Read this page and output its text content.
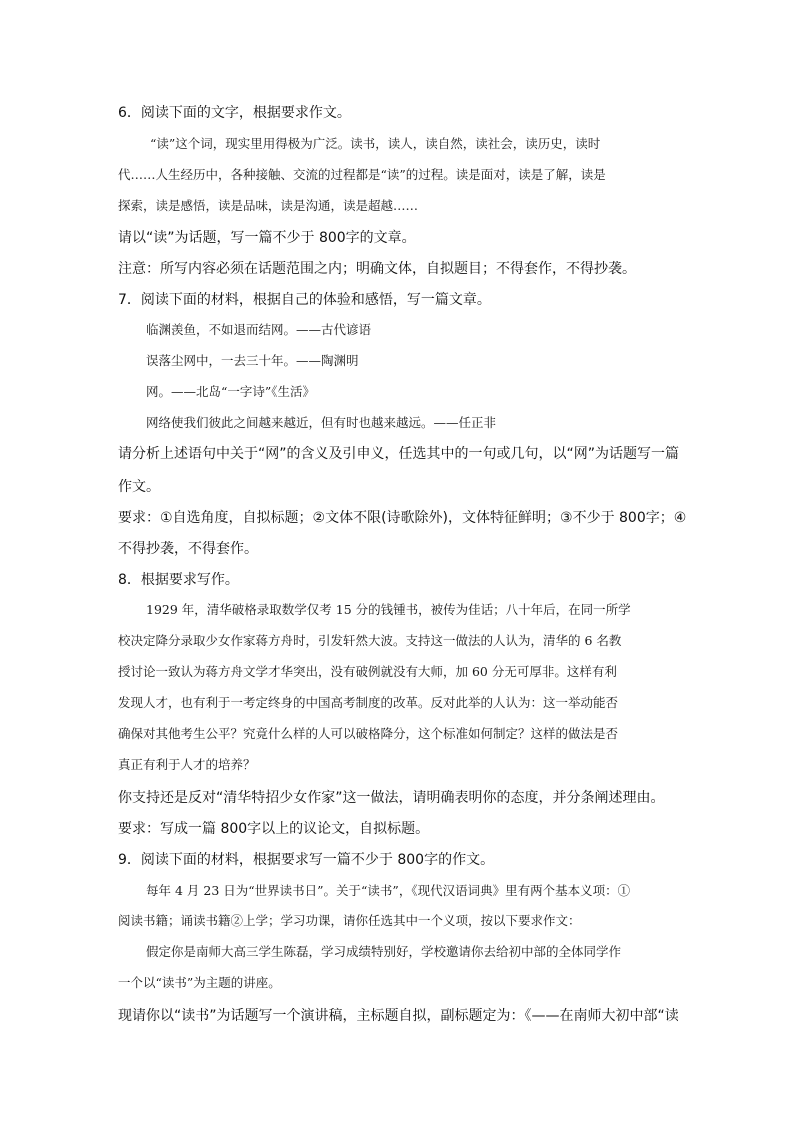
6．阅读下面的文字，根据要求作文。
“读”这个词，现实里用得极为广泛。读书，读人，读自然，读社会，读历史，读时
代……人生经历中，各种接触、交流的过程都是“读”的过程。读是面对，读是了解，读是
探索，读是感悟，读是品味，读是沟通，读是超越……
请以“读”为话题，写一篇不少于 800字的文章。
注意：所写内容必须在话题范围之内；明确文体，自拟题目；不得套作，不得抄袭。
7．阅读下面的材料，根据自己的体验和感悟，写一篇文章。
临渊羡鱼，不如退而结网。——古代谚语
误落尘网中，一去三十年。——陶渊明
网。——北岛“一字诗”《生活》
网络使我们彼此之间越来越近，但有时也越来越远。——任正非
请分析上述语句中关于“网”的含义及引申义，任选其中的一句或几句，以“网”为话题写一篇
作文。
要求：①自选角度，自拟标题；②文体不限(诗歌除外)，文体特征鲜明；③不少于 800字；④
不得抄袭，不得套作。
8．根据要求写作。
1929 年，清华破格录取数学仅考 15 分的钱锺书，被传为佳话；八十年后，在同一所学
校决定降分录取少女作家蒋方舟时，引发轩然大波。支持这一做法的人认为，清华的 6 名教
授讨论一致认为蒋方舟文学才华突出，没有破例就没有大师，加 60 分无可厚非。这样有利
发现人才，也有利于一考定终身的中国高考制度的改革。反对此举的人认为：这一举动能否
确保对其他考生公平？究竟什么样的人可以破格降分，这个标准如何制定？这样的做法是否
真正有利于人才的培养？
你支持还是反对“清华特招少女作家”这一做法，请明确表明你的态度，并分条阐述理由。
要求：写成一篇 800字以上的议论文，自拟标题。
9．阅读下面的材料，根据要求写一篇不少于 800字的作文。
每年 4 月 23 日为“世界读书日”。关于“读书”，《现代汉语词典》里有两个基本义项：①
阅读书籍；诵读书籍②上学；学习功课，请你任选其中一个义项，按以下要求作文：
假定你是南师大高三学生陈磊，学习成绩特别好，学校邀请你去给初中部的全体同学作
一个以“读书”为主题的讲座。
现请你以“读书”为话题写一个演讲稿，主标题自拟，副标题定为：《——在南师大初中部“读
